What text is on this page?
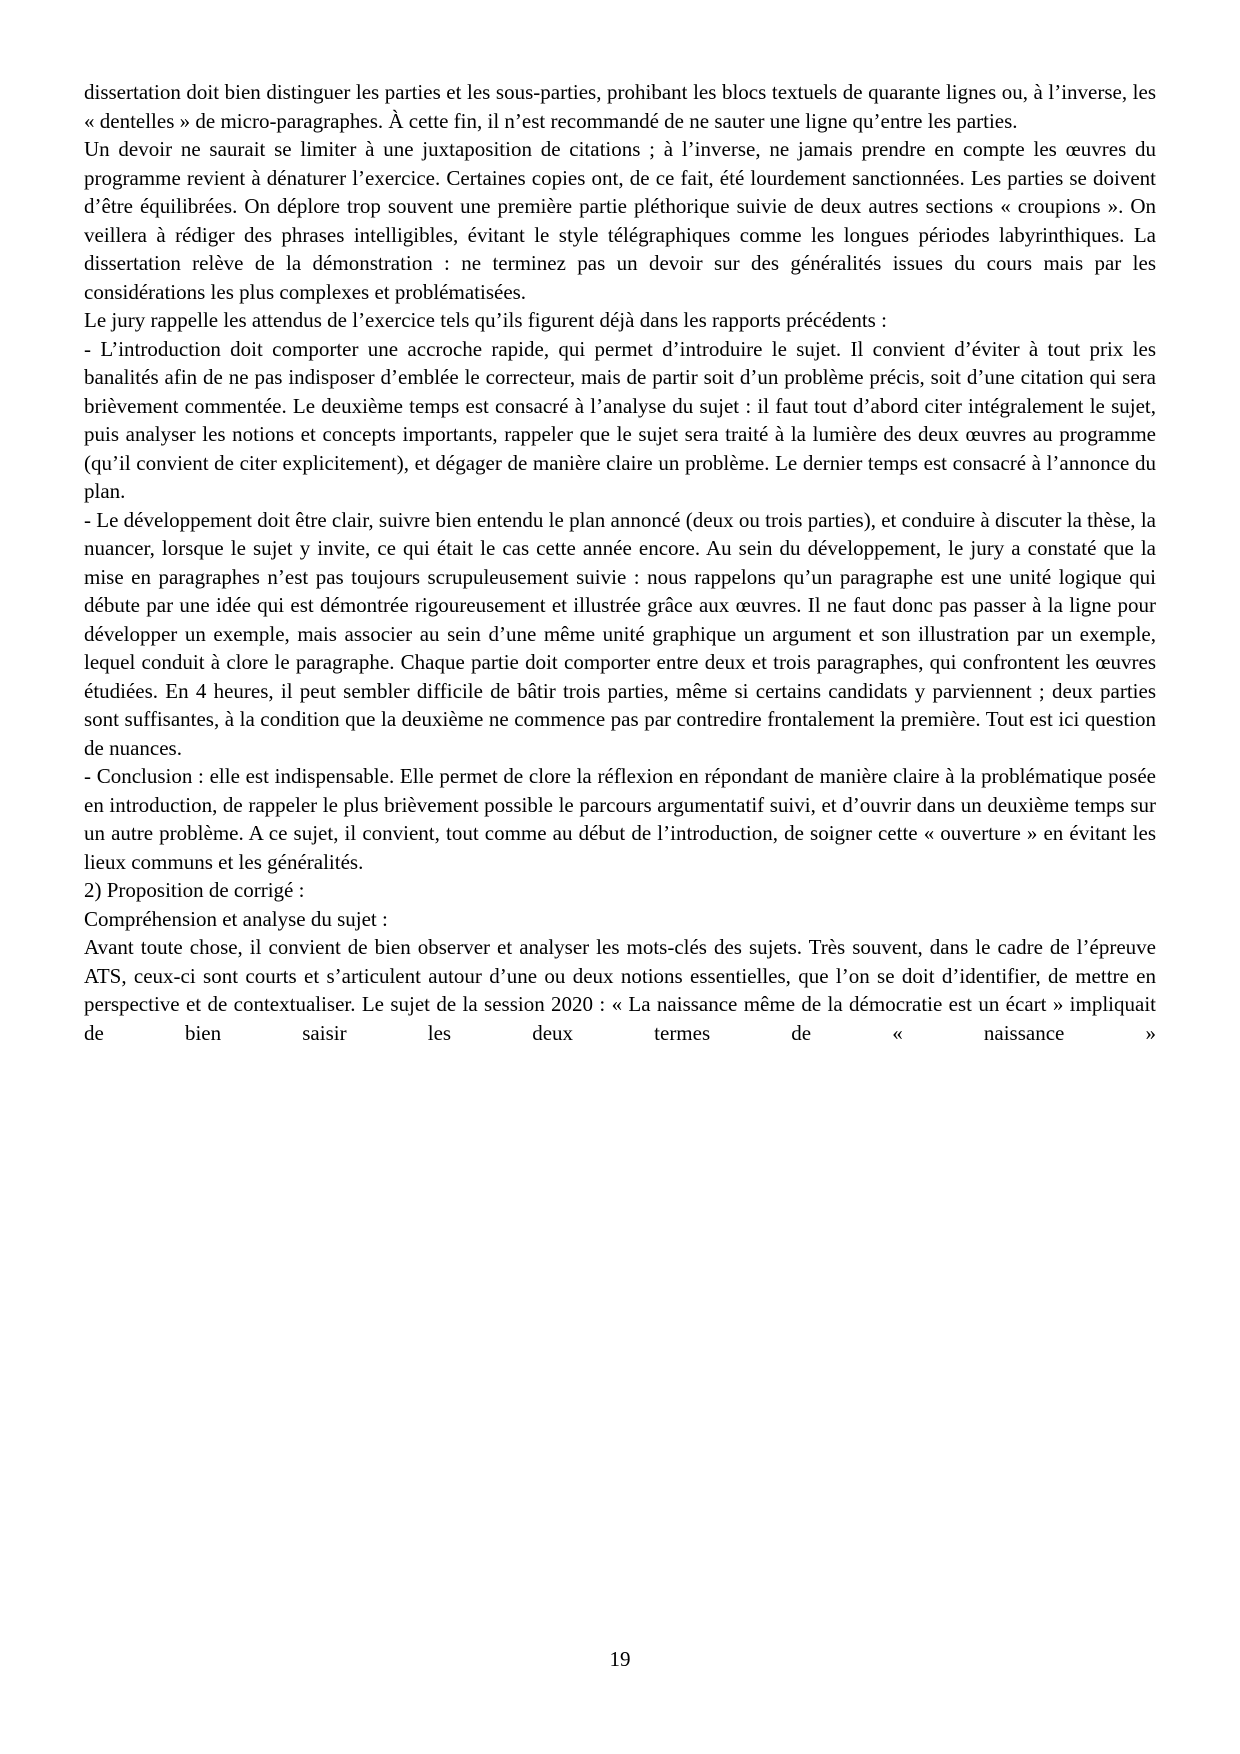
dissertation doit bien distinguer les parties et les sous-parties, prohibant les blocs textuels de quarante lignes ou, à l’inverse, les « dentelles » de micro-paragraphes. À cette fin, il n’est recommandé de ne sauter une ligne qu’entre les parties.

Un devoir ne saurait se limiter à une juxtaposition de citations ; à l’inverse, ne jamais prendre en compte les œuvres du programme revient à dénaturer l’exercice. Certaines copies ont, de ce fait, été lourdement sanctionnées. Les parties se doivent d’être équilibrées. On déplore trop souvent une première partie pléthorique suivie de deux autres sections « croupions ». On veillera à rédiger des phrases intelligibles, évitant le style télégraphiques comme les longues périodes labyrinthiques. La dissertation relève de la démonstration : ne terminez pas un devoir sur des généralités issues du cours mais par les considérations les plus complexes et problématisées.

Le jury rappelle les attendus de l’exercice tels qu’ils figurent déjà dans les rapports précédents :

- L’introduction doit comporter une accroche rapide, qui permet d’introduire le sujet. Il convient d’éviter à tout prix les banalités afin de ne pas indisposer d’emblée le correcteur, mais de partir soit d’un problème précis, soit d’une citation qui sera brièvement commentée. Le deuxième temps est consacré à l’analyse du sujet : il faut tout d’abord citer intégralement le sujet, puis analyser les notions et concepts importants, rappeler que le sujet sera traité à la lumière des deux œuvres au programme (qu’il convient de citer explicitement), et dégager de manière claire un problème. Le dernier temps est consacré à l’annonce du plan.

- Le développement doit être clair, suivre bien entendu le plan annoncé (deux ou trois parties), et conduire à discuter la thèse, la nuancer, lorsque le sujet y invite, ce qui était le cas cette année encore. Au sein du développement, le jury a constaté que la mise en paragraphes n’est pas toujours scrupuleusement suivie : nous rappelons qu’un paragraphe est une unité logique qui débute par une idée qui est démontrée rigoureusement et illustrée grâce aux œuvres. Il ne faut donc pas passer à la ligne pour développer un exemple, mais associer au sein d’une même unité graphique un argument et son illustration par un exemple, lequel conduit à clore le paragraphe. Chaque partie doit comporter entre deux et trois paragraphes, qui confrontent les œuvres étudiées. En 4 heures, il peut sembler difficile de bâtir trois parties, même si certains candidats y parviennent ; deux parties sont suffisantes, à la condition que la deuxième ne commence pas par contredire frontalement la première. Tout est ici question de nuances.

- Conclusion : elle est indispensable. Elle permet de clore la réflexion en répondant de manière claire à la problématique posée en introduction, de rappeler le plus brièvement possible le parcours argumentatif suivi, et d’ouvrir dans un deuxième temps sur un autre problème. A ce sujet, il convient, tout comme au début de l’introduction, de soigner cette « ouverture » en évitant les lieux communs et les généralités.

2) Proposition de corrigé :

Compréhension et analyse du sujet :

Avant toute chose, il convient de bien observer et analyser les mots-clés des sujets. Très souvent, dans le cadre de l’épreuve ATS, ceux-ci sont courts et s’articulent autour d’une ou deux notions essentielles, que l’on se doit d’identifier, de mettre en perspective et de contextualiser. Le sujet de la session 2020 : « La naissance même de la démocratie est un écart » impliquait de bien saisir les deux termes de « naissance »

19
